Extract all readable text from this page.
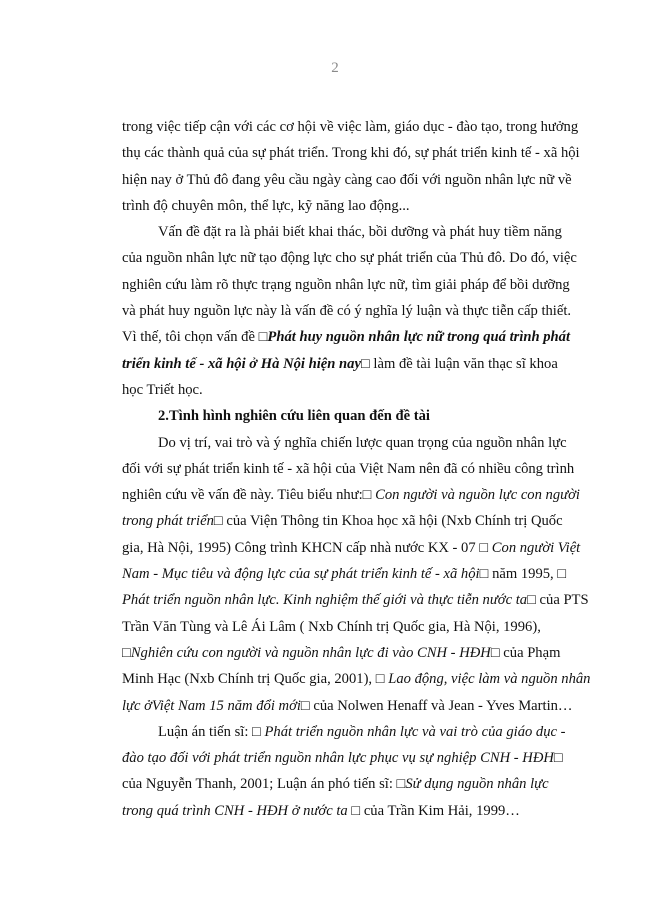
2
trong việc tiếp cận với các cơ hội về việc làm, giáo dục - đào tạo, trong hưởng
thụ các thành quả của sự phát triển. Trong khi đó, sự phát triển kinh tế - xã hội
hiện nay ở Thủ đô đang yêu cầu ngày càng cao đối với nguồn nhân lực nữ về
trình độ chuyên môn, thể lực, kỹ năng lao động...
Vấn đề đặt ra là phải biết khai thác, bồi dưỡng và phát huy tiềm năng
của nguồn nhân lực nữ tạo động lực cho sự phát triển của Thủ đô. Do đó, việc
nghiên cứu làm rõ thực trạng nguồn nhân lực nữ, tìm giải pháp để bồi dưỡng
và phát huy nguồn lực này là vấn đề có ý nghĩa lý luận và thực tiễn cấp thiết.
Vì thế, tôi chọn vấn đề □ Phát huy nguồn nhân lực nữ trong quá trình phát
triển kinh tế - xã hội ở Hà Nội hiện nay □ làm đề tài luận văn thạc sĩ khoa
học Triết học.
2.Tình hình nghiên cứu liên quan đến đề tài
Do vị trí, vai trò và ý nghĩa chiến lược quan trọng của nguồn nhân lực
đối với sự phát triển kinh tế - xã hội của Việt Nam nên đã có nhiều công trình
nghiên cứu về vấn đề này. Tiêu biểu như: □ Con người và nguồn lực con người
trong phát triển □ của Viện Thông tin Khoa học xã hội (Nxb Chính trị Quốc
gia, Hà Nội, 1995) Công trình KHCN cấp nhà nước KX - 07 □ Con người Việt
Nam - Mục tiêu và động lực của sự phát triển kinh tế - xã hội □ năm 1995, □
Phát triển nguồn nhân lực. Kinh nghiệm thế giới và thực tiễn nước ta □ của PTS
Trần Văn Tùng và Lê Ái Lâm ( Nxb Chính trị Quốc gia, Hà Nội, 1996),
□ Nghiên cứu con người và nguồn nhân lực đi vào CNH - HĐH □ của Phạm
Minh Hạc (Nxb Chính trị Quốc gia, 2001), □ Lao động, việc làm và nguồn nhân
lực ởViệt Nam 15 năm đổi mới □ của Nolwen Henaff và Jean - Yves Martin…
Luận án tiến sĩ: □ Phát triển nguồn nhân lực và vai trò của giáo dục -
đào tạo đối với phát triển nguồn nhân lực phục vụ sự nghiệp CNH - HĐH □
của Nguyễn Thanh, 2001; Luận án phó tiến sĩ: □ Sử dụng nguồn nhân lực
trong quá trình CNH - HĐH ở nước ta □ của Trần Kim Hải, 1999…
